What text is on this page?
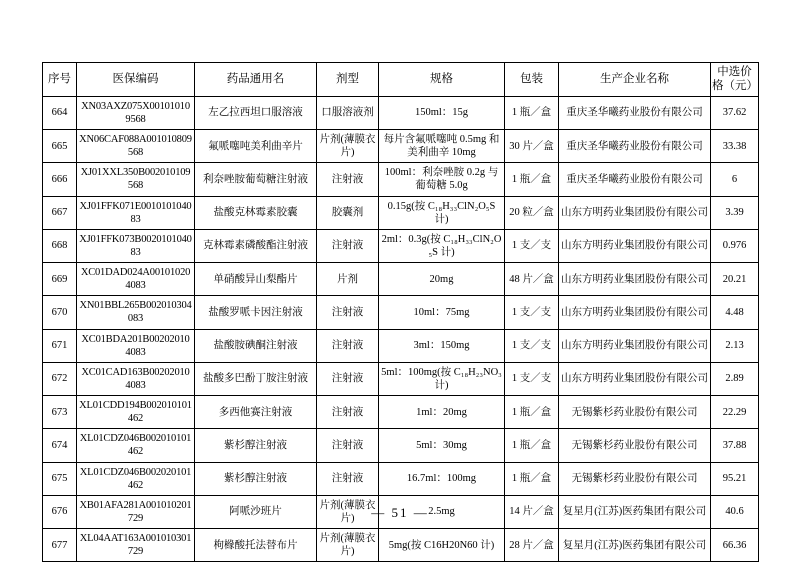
序号	医保编码	药品通用名	剂型	规格	包装	生产企业名称	中选价格（元）
664	XN03AXZ075X001010109568	左乙拉西坦口服溶液	口服溶液剂	150ml：15g	1 瓶／盒	重庆圣华曦药业股份有限公司	37.62
665	XN06CAF088A001010809568	氟哌噻吨美利曲辛片	片剂(薄膜衣片)	每片含氟哌噻吨 0.5mg 和美利曲辛 10mg	30 片／盒	重庆圣华曦药业股份有限公司	33.38
666	XJ01XXL350B002010109568	利奈唑胺葡萄糖注射液	注射液	100ml：利奈唑胺 0.2g 与葡萄糖 5.0g	1 瓶／盒	重庆圣华曦药业股份有限公司	6
667	XJ01FFK071E001010104083	盐酸克林霉素胶囊	胶囊剂	0.15g(按 C₁₈H₃₃ClN₂O₅S 计)	20 粒／盒	山东方明药业集团股份有限公司	3.39
668	XJ01FFK073B002010104083	克林霉素磷酸酯注射液	注射液	2ml：0.3g(按 C₁₈H₃₃ClN₂O₅S 计)	1 支／支	山东方明药业集团股份有限公司	0.976
669	XC01DAD024A001010204083	单硝酸异山梨酯片	片剂	20mg	48 片／盒	山东方明药业集团股份有限公司	20.21
670	XN01BBL265B002010304083	盐酸罗哌卡因注射液	注射液	10ml：75mg	1 支／支	山东方明药业集团股份有限公司	4.48
671	XC01BDA201B002020104083	盐酸胺碘酮注射液	注射液	3ml：150mg	1 支／支	山东方明药业集团股份有限公司	2.13
672	XC01CAD163B002020104083	盐酸多巴酚丁胺注射液	注射液	5ml：100mg(按 C₁₈H₂₃NO₃ 计)	1 支／支	山东方明药业集团股份有限公司	2.89
673	XL01CDD194B002010101462	多西他赛注射液	注射液	1ml：20mg	1 瓶／盒	无锡紫杉药业股份有限公司	22.29
674	XL01CDZ046B002010101462	紫杉醇注射液	注射液	5ml：30mg	1 瓶／盒	无锡紫杉药业股份有限公司	37.88
675	XL01CDZ046B002020101462	紫杉醇注射液	注射液	16.7ml：100mg	1 瓶／盒	无锡紫杉药业股份有限公司	95.21
676	XB01AFA281A001010201729	阿哌沙班片	片剂(薄膜衣片)	2.5mg	14 片／盒	复星月(江苏)医药集团有限公司	40.6
677	XL04AAT163A001010301729	枸橼酸托法替布片	片剂(薄膜衣片)	5mg(按 C16H20N60 计)	28 片／盒	复星月(江苏)医药集团有限公司	66.36
— 51 —
